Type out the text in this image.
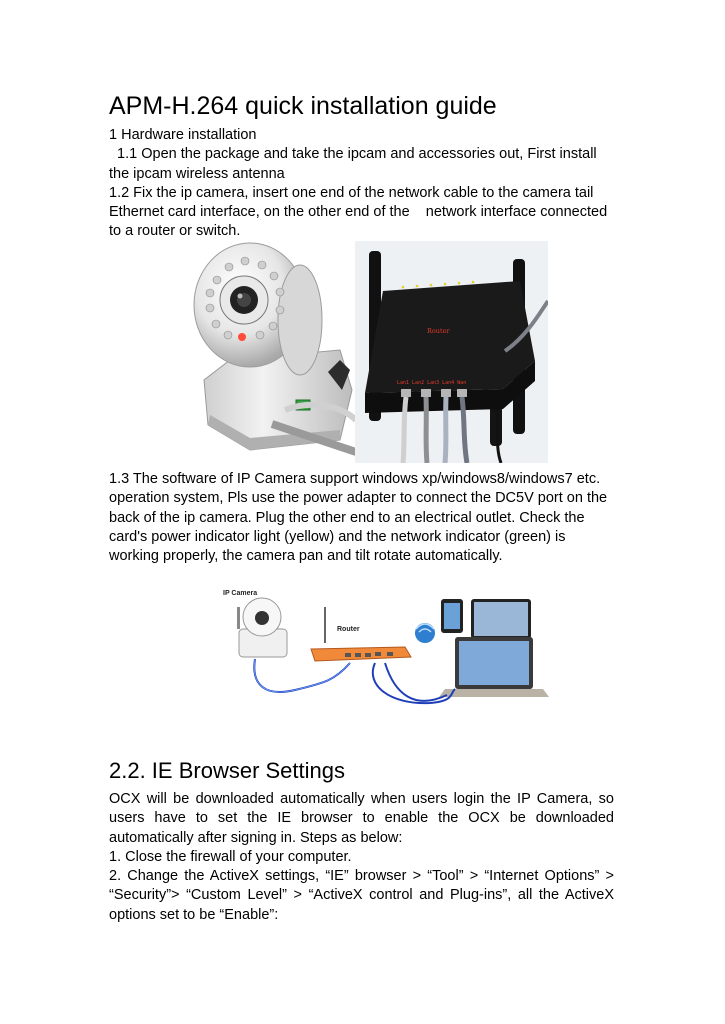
APM-H.264 quick installation guide
1 Hardware installation
1.1 Open the package and take the ipcam and accessories out, First install
the ipcam wireless antenna
1.2 Fix the ip camera, insert one end of the network cable to the camera tail
Ethernet card interface, on the other end of the    network interface connected
to a router or switch.
Router
Lan1 Lan2 Lan3 Lan4 Wan
1.3 The software of IP Camera support windows xp/windows8/windows7 etc.
operation system, Pls use the power adapter to connect the DC5V port on the
back of the ip camera. Plug the other end to an electrical outlet. Check the
card's power indicator light (yellow) and the network indicator (green) is
working properly, the camera pan and tilt rotate automatically.
IP Camera
Router
2.2. IE Browser Settings
OCX will be downloaded automatically when users login the IP Camera, so
users have to set the IE browser to enable the OCX be downloaded
automatically after signing in. Steps as below:
1. Close the firewall of your computer.
2. Change the ActiveX settings, “IE” browser > “Tool” > “Internet Options” >
“Security”> “Custom Level” > “ActiveX control and Plug-ins”, all the ActiveX
options set to be “Enable”:
